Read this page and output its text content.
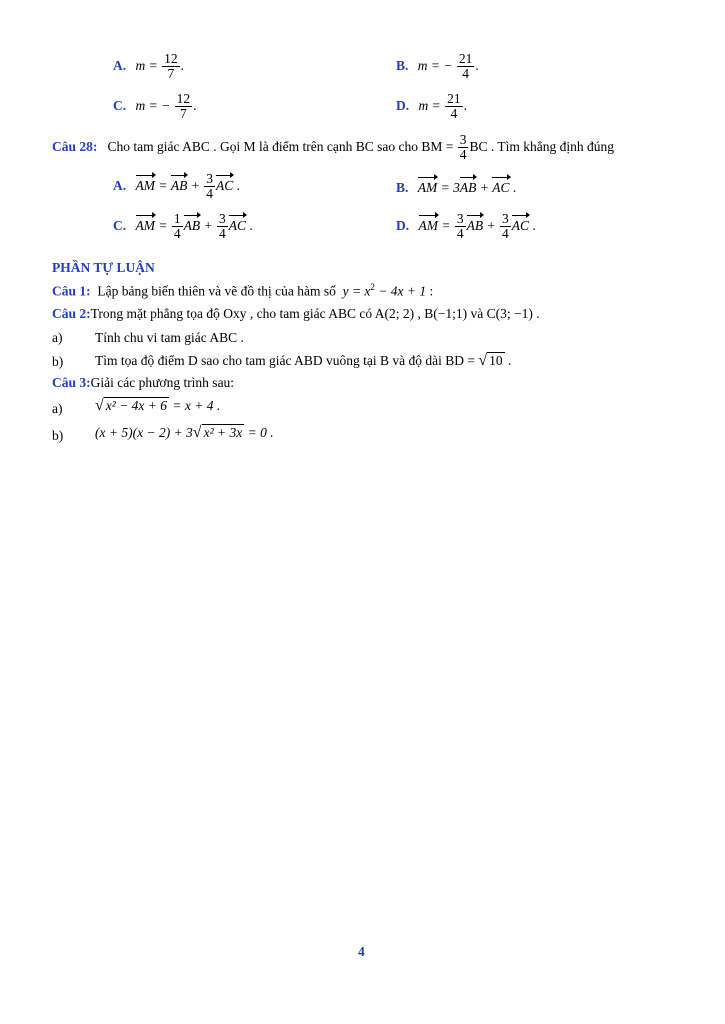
A. $m = \frac{12}{7}$ .	B. m = − $\frac{21}{4}$ .
C. m = − $\frac{12}{7}$ .	D. $m = \frac{21}{4}$ .
Câu 28: Cho tam giác ABC . Gọi M là điểm trên cạnh BC sao cho BM = $\frac{3}{4}$ BC . Tìm khẳng định đúng
A. AM = AB + $\frac{3}{4}$ AC .	B. AM = 3AB + AC .
C. AM = $\frac{1}{4}$ AB + $\frac{3}{4}$ AC .	D. AM = $\frac{3}{4}$ AB + $\frac{3}{4}$ AC .
PHẦN TỰ LUẬN
Câu 1: Lập bảng biến thiên và vẽ đồ thị của hàm số $y = x^2 - 4x + 1$ :
Câu 2:Trong mặt phẳng tọa độ Oxy , cho tam giác ABC có A(2; 2) , B(−1;1) và C(3; −1) .
a) Tính chu vi tam giác ABC .
b) Tìm tọa độ điểm D sao cho tam giác ABD vuông tại B và độ dài BD = √ 10 .
Câu 3:Giải các phương trình sau:
a) √ x² − 4x + 6 = x + 4 .
b) (x + 5)(x − 2) + 3√ x² + 3x = 0 .
4
